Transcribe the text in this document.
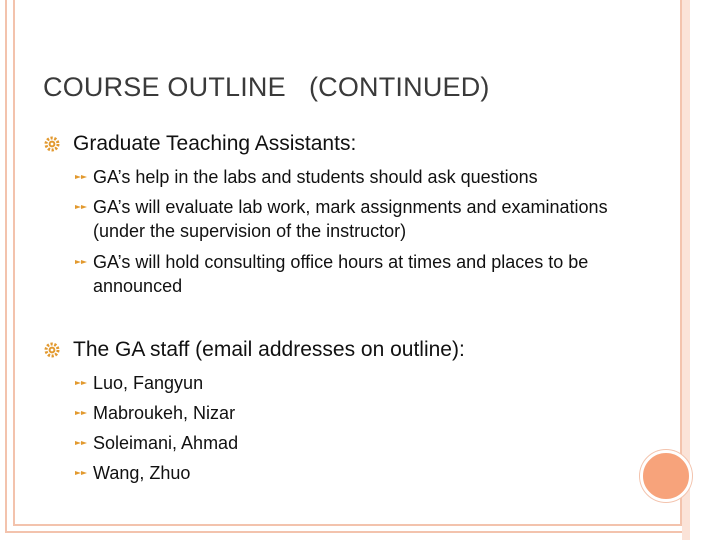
COURSE OUTLINE   (CONTINUED)
Graduate Teaching Assistants:
GA’s help in the labs and students should ask questions
GA’s will evaluate lab work, mark assignments and examinations (under the supervision of the instructor)
GA’s will hold consulting office hours at times and places to be announced
The GA staff (email addresses on outline):
Luo, Fangyun
Mabroukeh, Nizar
Soleimani, Ahmad
Wang, Zhuo
